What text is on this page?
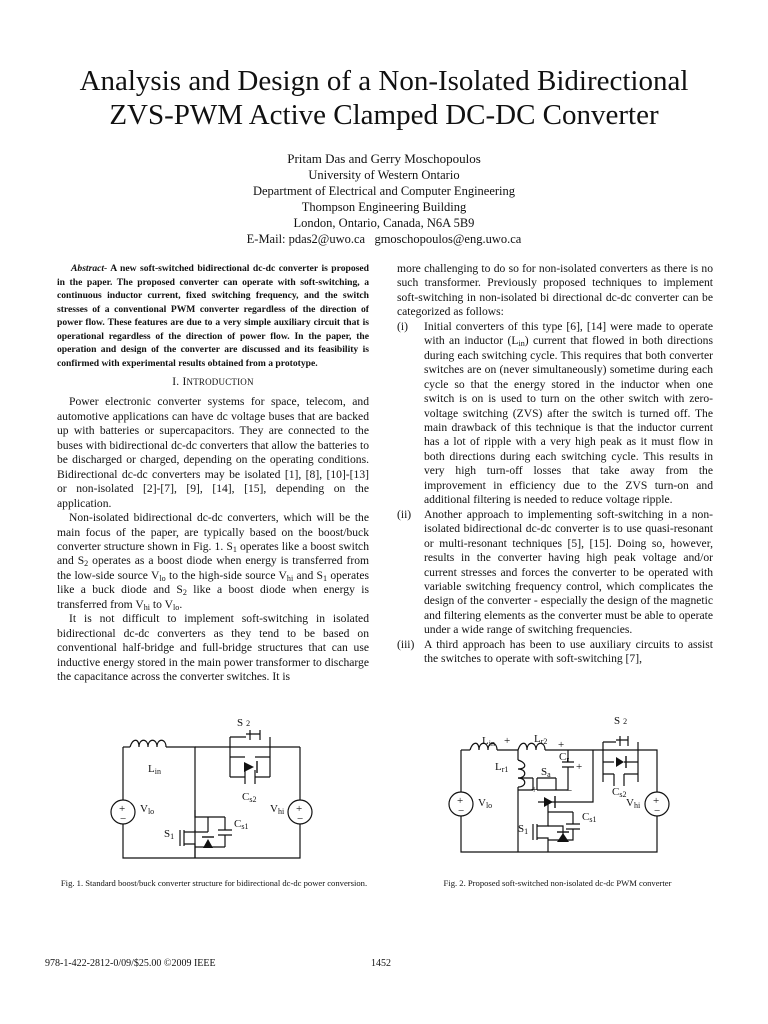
Analysis and Design of a Non-Isolated Bidirectional
ZVS-PWM Active Clamped DC-DC Converter
Pritam Das and Gerry Moschopoulos
University of Western Ontario
Department of Electrical and Computer Engineering
Thompson Engineering Building
London, Ontario, Canada, N6A 5B9
E-Mail: pdas2@uwo.ca   gmoschopoulos@eng.uwo.ca

Abstract- A new soft-switched bidirectional dc-dc converter is proposed in the paper. The proposed converter can operate with soft-switching, a continuous inductor current, fixed switching frequency, and the switch stresses of a conventional PWM converter regardless of the direction of power flow. These features are due to a very simple auxiliary circuit that is operational regardless of the direction of power flow. In the paper, the operation and design of the converter are discussed and its feasibility is confirmed with experimental results obtained from a prototype.

I. INTRODUCTION

Power electronic converter systems for space, telecom, and automotive applications can have dc voltage buses that are backed up with batteries or supercapacitors. They are connected to the buses with bidirectional dc-dc converters that allow the batteries to be discharged or charged, depending on the operating conditions. Bidirectional dc-dc converters may be isolated [1], [8], [10]-[13] or non-isolated [2]-[7], [9], [14], [15], depending on the application.

Non-isolated bidirectional dc-dc converters, which will be the main focus of the paper, are typically based on the boost/buck converter structure shown in Fig. 1. $S_1$ operates like a boost switch and $S_2$ operates as a boost diode when energy is transferred from the low-side source $V_{lo}$ to the high-side source $V_{hi}$ and $S_1$ operates like a buck diode and $S_2$ like a boost diode when energy is transferred from $V_{hi}$ to $V_{lo}$.

It is not difficult to implement soft-switching in isolated bidirectional dc-dc converters as they tend to be based on conventional half-bridge and full-bridge structures that can use inductive energy stored in the main power transformer to discharge the capacitance across the converter switches. It is

more challenging to do so for non-isolated converters as there is no such transformer. Previously proposed techniques to implement soft-switching in non-isolated bi directional dc-dc converter can be categorized as follows:

(i) Initial converters of this type [6], [14] were made to operate with an inductor $(L_{in})$ current that flowed in both directions during each switching cycle. This requires that both converter switches are on (never simultaneously) sometime during each cycle so that the energy stored in the inductor when one switch is on is used to turn on the other switch with zero-voltage switching (ZVS) after the switch is turned off. The main drawback of this technique is that the inductor current has a lot of ripple with a very high peak as it must flow in both directions during each switching cycle. This results in very high turn-off losses that take away from the improvement in efficiency due to the ZVS turn-on and additional filtering is needed to reduce voltage ripple.
(ii) Another approach to implementing soft-switching in a non-isolated bidirectional dc-dc converter is to use quasi-resonant or multi-resonant techniques [5], [15]. Doing so, however, results in the converter having high peak voltage and/or current stresses and forces the converter to be operated with variable switching frequency control, which complicates the design of the converter - especially the design of the magnetic and filtering elements as the converter must be able to operate under a wide range of switching frequencies.
(iii) A third approach has been to use auxiliary circuits to assist the switches to operate with soft-switching [7],
+
−
+
−
S 2
Lin
Cs2
Vlo	Vhi
S1
Cs1
Fig. 1. Standard boost/buck converter structure for bidirectional dc-dc power conversion.
+
−
+
−
+	+
+	−
+
S 2
Lin	Lr2
Lr1
Cr
Sa
Cs2
Vlo	Vhi
S1
Cs1
Fig. 2. Proposed soft-switched non-isolated dc-dc PWM converter
978-1-422-2812-0/09/$25.00 ©2009 IEEE	1452
